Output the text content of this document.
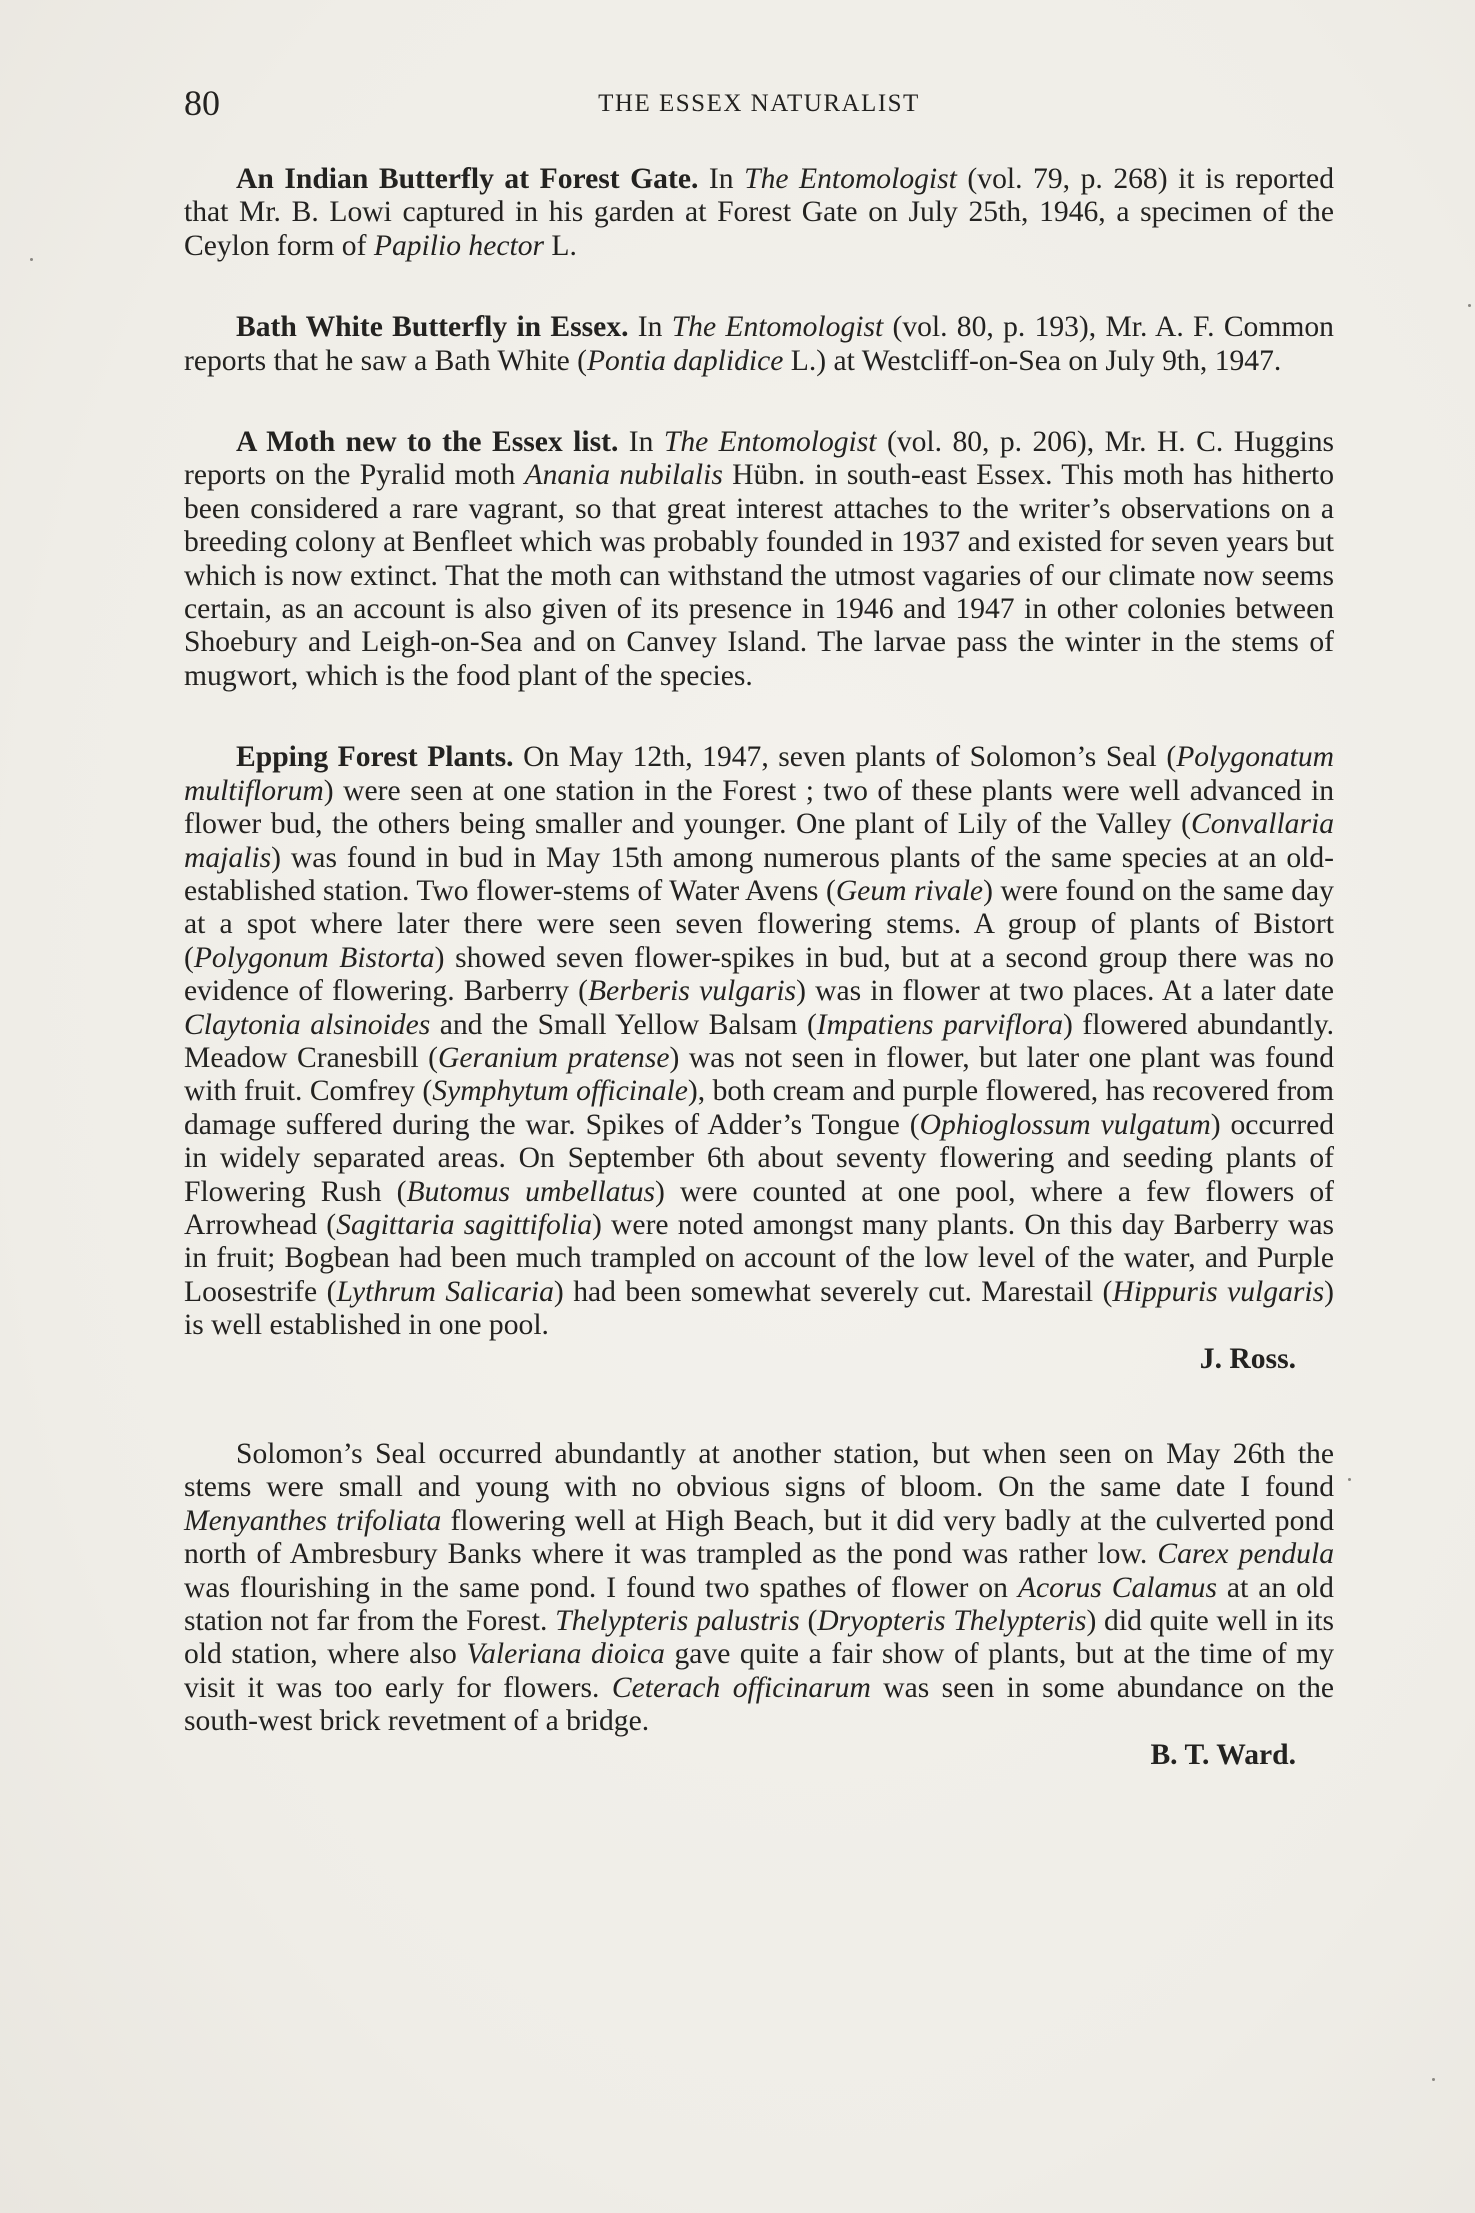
80	THE ESSEX NATURALIST

An Indian Butterfly at Forest Gate. In The Entomologist (vol. 79, p. 268) it is reported that Mr. B. Lowi captured in his garden at Forest Gate on July 25th, 1946, a specimen of the Ceylon form of Papilio hector L.

Bath White Butterfly in Essex. In The Entomologist (vol. 80, p. 193), Mr. A. F. Common reports that he saw a Bath White (Pontia daplidice L.) at Westcliff-on-Sea on July 9th, 1947.

A Moth new to the Essex list. In The Entomologist (vol. 80, p. 206), Mr. H. C. Huggins reports on the Pyralid moth Anania nubilalis Hübn. in south-east Essex. This moth has hitherto been considered a rare vagrant, so that great interest attaches to the writer’s observations on a breeding colony at Benfleet which was probably founded in 1937 and existed for seven years but which is now extinct. That the moth can withstand the utmost vagaries of our climate now seems certain, as an account is also given of its presence in 1946 and 1947 in other colonies between Shoebury and Leigh-on-Sea and on Canvey Island. The larvae pass the winter in the stems of mugwort, which is the food plant of the species.

Epping Forest Plants. On May 12th, 1947, seven plants of Solomon’s Seal (Polygonatum multiflorum) were seen at one station in the Forest ; two of these plants were well advanced in flower bud, the others being smaller and younger. One plant of Lily of the Valley (Convallaria majalis) was found in bud in May 15th among numerous plants of the same species at an old-established station. Two flower-stems of Water Avens (Geum rivale) were found on the same day at a spot where later there were seen seven flowering stems. A group of plants of Bistort (Polygonum Bistorta) showed seven flower-spikes in bud, but at a second group there was no evidence of flowering. Barberry (Berberis vulgaris) was in flower at two places. At a later date Claytonia alsinoides and the Small Yellow Balsam (Impatiens parviflora) flowered abundantly. Meadow Cranesbill (Geranium pratense) was not seen in flower, but later one plant was found with fruit. Comfrey (Symphytum officinale), both cream and purple flowered, has recovered from damage suffered during the war. Spikes of Adder’s Tongue (Ophioglossum vulgatum) occurred in widely separated areas. On September 6th about seventy flowering and seeding plants of Flowering Rush (Butomus umbellatus) were counted at one pool, where a few flowers of Arrowhead (Sagittaria sagittifolia) were noted amongst many plants. On this day Barberry was in fruit; Bogbean had been much trampled on account of the low level of the water, and Purple Loosestrife (Lythrum Salicaria) had been somewhat severely cut. Marestail (Hippuris vulgaris) is well established in one pool.

J. Ross.

Solomon’s Seal occurred abundantly at another station, but when seen on May 26th the stems were small and young with no obvious signs of bloom. On the same date I found Menyanthes trifoliata flowering well at High Beach, but it did very badly at the culverted pond north of Ambresbury Banks where it was trampled as the pond was rather low. Carex pendula was flourishing in the same pond. I found two spathes of flower on Acorus Calamus at an old station not far from the Forest. Thelypteris palustris (Dryopteris Thelypteris) did quite well in its old station, where also Valeriana dioica gave quite a fair show of plants, but at the time of my visit it was too early for flowers. Ceterach officinarum was seen in some abundance on the south-west brick revetment of a bridge.

B. T. Ward.
